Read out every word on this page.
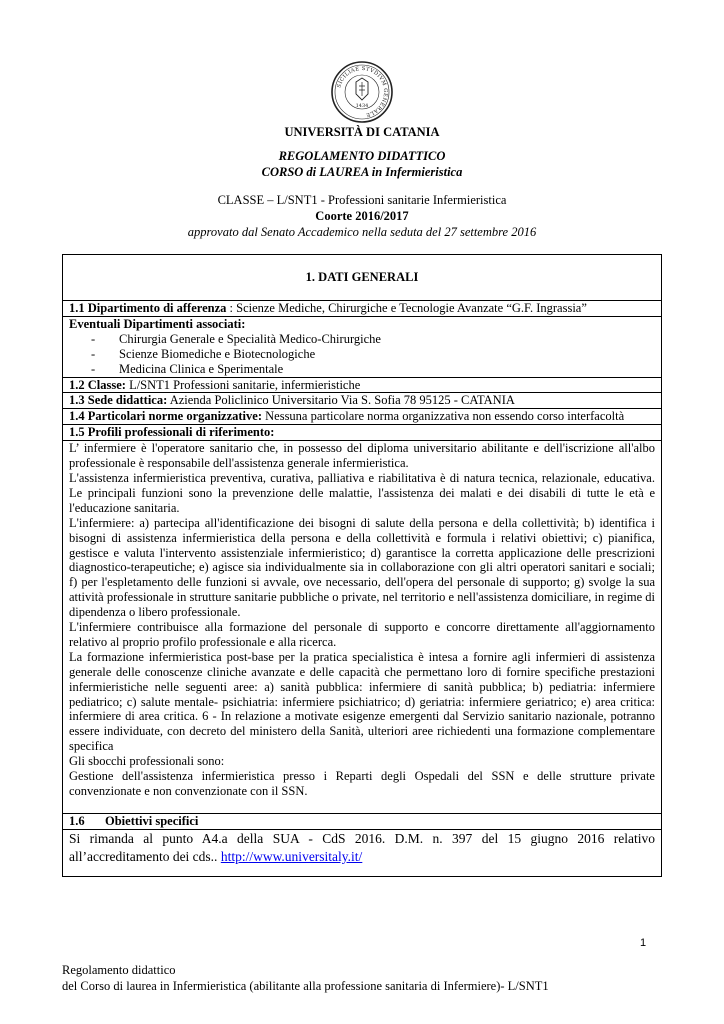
SICILIAE STVDIVM GENERALE
1434
UNIVERSITÀ DI CATANIA
REGOLAMENTO DIDATTICO
CORSO di LAUREA in Infermieristica
CLASSE – L/SNT1 - Professioni sanitarie Infermieristica
Coorte 2016/2017
approvato dal Senato Accademico nella seduta del 27 settembre 2016
1. DATI GENERALI
1.1 Dipartimento di afferenza : Scienze Mediche, Chirurgiche e Tecnologie Avanzate “G.F. Ingrassia”
Eventuali Dipartimenti associati:
- Chirurgia Generale e Specialità Medico-Chirurgiche
- Scienze Biomediche e Biotecnologiche
- Medicina Clinica e Sperimentale
1.2 Classe: L/SNT1 Professioni sanitarie, infermieristiche
1.3 Sede didattica: Azienda Policlinico Universitario Via S. Sofia 78 95125 - CATANIA
1.4 Particolari norme organizzative: Nessuna particolare norma organizzativa non essendo corso interfacoltà
1.5 Profili professionali di riferimento:
L’ infermiere è l'operatore sanitario che, in possesso del diploma universitario abilitante e dell'iscrizione all'albo professionale è responsabile dell'assistenza generale infermieristica.
L'assistenza infermieristica preventiva, curativa, palliativa e riabilitativa è di natura tecnica, relazionale, educativa. Le principali funzioni sono la prevenzione delle malattie, l'assistenza dei malati e dei disabili di tutte le età e l'educazione sanitaria.
L'infermiere: a) partecipa all'identificazione dei bisogni di salute della persona e della collettività; b) identifica i bisogni di assistenza infermieristica della persona e della collettività e formula i relativi obiettivi; c) pianifica, gestisce e valuta l'intervento assistenziale infermieristico; d) garantisce la corretta applicazione delle prescrizioni diagnostico-terapeutiche; e) agisce sia individualmente sia in collaborazione con gli altri operatori sanitari e sociali; f) per l'espletamento delle funzioni si avvale, ove necessario, dell'opera del personale di supporto; g) svolge la sua attività professionale in strutture sanitarie pubbliche o private, nel territorio e nell'assistenza domiciliare, in regime di dipendenza o libero professionale.
L'infermiere contribuisce alla formazione del personale di supporto e concorre direttamente all'aggiornamento relativo al proprio profilo professionale e alla ricerca.
La formazione infermieristica post-base per la pratica specialistica è intesa a fornire agli infermieri di assistenza generale delle conoscenze cliniche avanzate e delle capacità che permettano loro di fornire specifiche prestazioni infermieristiche nelle seguenti aree: a) sanità pubblica: infermiere di sanità pubblica; b) pediatria: infermiere pediatrico; c) salute mentale- psichiatria: infermiere psichiatrico; d) geriatria: infermiere geriatrico; e) area critica: infermiere di area critica. 6 - In relazione a motivate esigenze emergenti dal Servizio sanitario nazionale, potranno essere individuate, con decreto del ministero della Sanità, ulteriori aree richiedenti una formazione complementare specifica
Gli sbocchi professionali sono:
Gestione dell'assistenza infermieristica presso i Reparti degli Ospedali del SSN e delle strutture private convenzionate e non convenzionate con il SSN.
1.6 Obiettivi specifici
Si rimanda al punto A4.a della SUA - CdS 2016. D.M. n. 397 del 15 giugno 2016 relativo all’accreditamento dei cds.. http://www.universitaly.it/
1
Regolamento didattico
del Corso di laurea in Infermieristica (abilitante alla professione sanitaria di Infermiere)- L/SNT1
